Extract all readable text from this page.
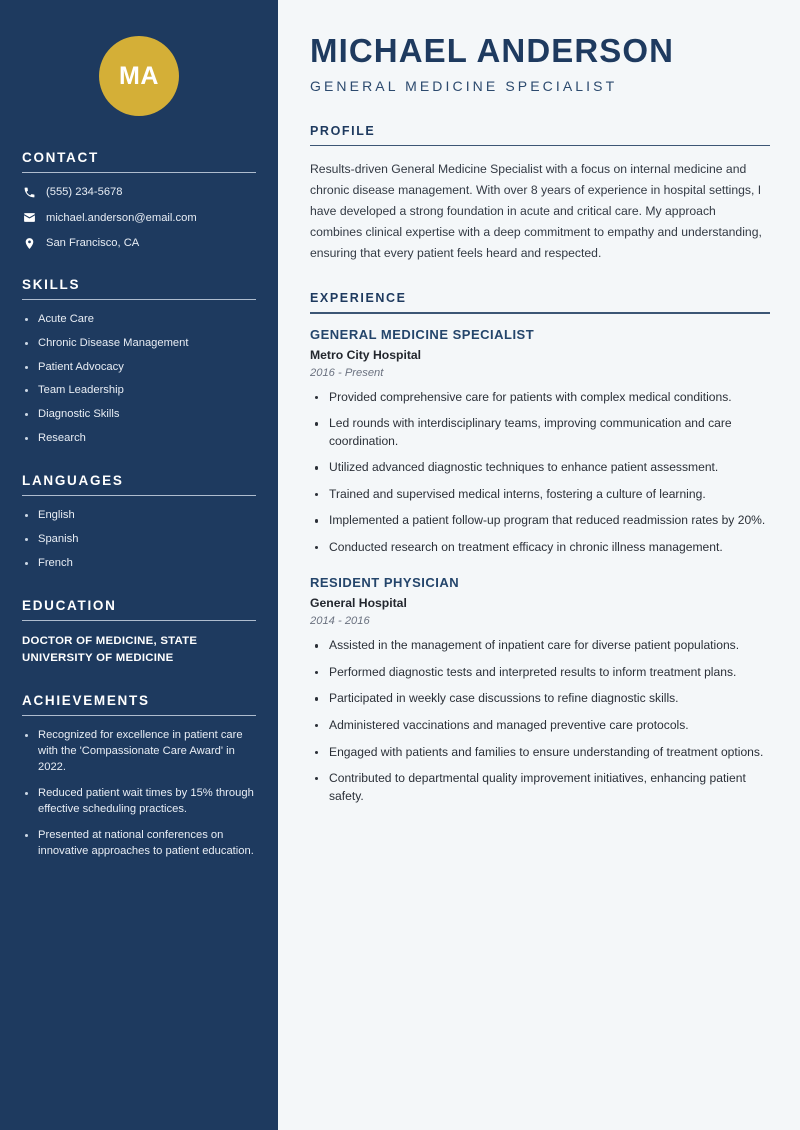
MA
CONTACT
(555) 234-5678
michael.anderson@email.com
San Francisco, CA
SKILLS
Acute Care
Chronic Disease Management
Patient Advocacy
Team Leadership
Diagnostic Skills
Research
LANGUAGES
English
Spanish
French
EDUCATION
DOCTOR OF MEDICINE, STATE UNIVERSITY OF MEDICINE
ACHIEVEMENTS
Recognized for excellence in patient care with the 'Compassionate Care Award' in 2022.
Reduced patient wait times by 15% through effective scheduling practices.
Presented at national conferences on innovative approaches to patient education.
MICHAEL ANDERSON
GENERAL MEDICINE SPECIALIST
PROFILE

Results-driven General Medicine Specialist with a focus on internal medicine and chronic disease management. With over 8 years of experience in hospital settings, I have developed a strong foundation in acute and critical care. My approach combines clinical expertise with a deep commitment to empathy and understanding, ensuring that every patient feels heard and respected.

EXPERIENCE
GENERAL MEDICINE SPECIALIST
Metro City Hospital
2016 - Present
Provided comprehensive care for patients with complex medical conditions.
Led rounds with interdisciplinary teams, improving communication and care coordination.
Utilized advanced diagnostic techniques to enhance patient assessment.
Trained and supervised medical interns, fostering a culture of learning.
Implemented a patient follow-up program that reduced readmission rates by 20%.
Conducted research on treatment efficacy in chronic illness management.
RESIDENT PHYSICIAN
General Hospital
2014 - 2016
Assisted in the management of inpatient care for diverse patient populations.
Performed diagnostic tests and interpreted results to inform treatment plans.
Participated in weekly case discussions to refine diagnostic skills.
Administered vaccinations and managed preventive care protocols.
Engaged with patients and families to ensure understanding of treatment options.
Contributed to departmental quality improvement initiatives, enhancing patient safety.
